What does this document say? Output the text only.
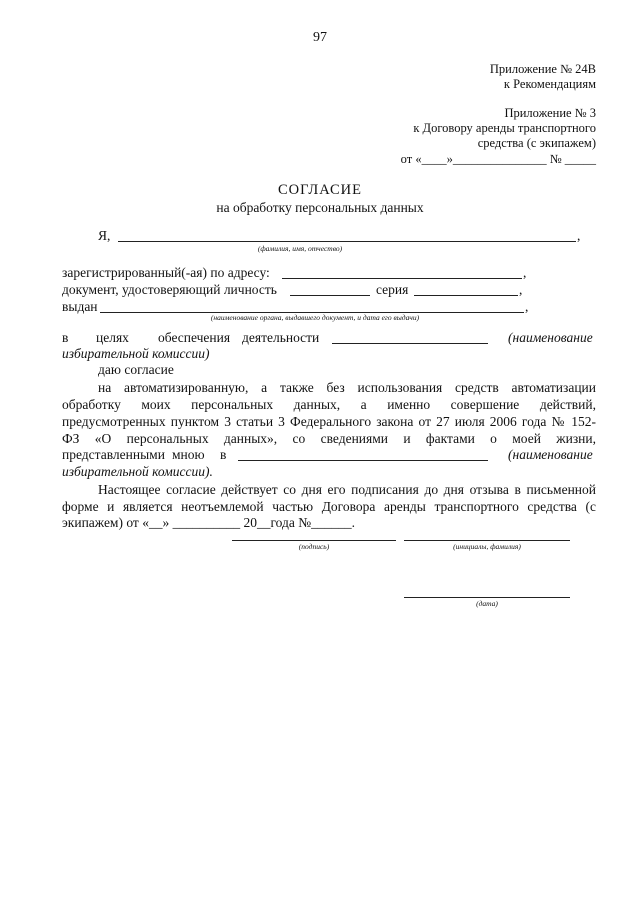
97
Приложение № 24В
к Рекомендациям
Приложение № 3
к Договору аренды транспортного
средства (с экипажем)
от «____»_______________ № _____
СОГЛАСИЕ
на обработку персональных данных
Я,	,
(фамилия, имя, отчество)
зарегистрированный(-ая) по адресу:	,
документ, удостоверяющий личность	серия	,
выдан	,
(наименование органа, выдавшего документ, и дата его выдачи)
в целях обеспечения деятельности	(наименование
избирательной комиссии)
даю согласие
на автоматизированную, а также без использования средств автоматизации
обработку моих персональных данных, а именно совершение действий,
предусмотренных пунктом 3 статьи 3 Федерального закона от 27 июля 2006 года № 152-
ФЗ «О персональных данных», со сведениями и фактами о моей жизни,
представленными мною в	(наименование
избирательной комиссии).
Настоящее согласие действует со дня его подписания до дня отзыва в письменной
форме и является неотъемлемой частью Договора аренды транспортного средства (с
экипажем) от «__» __________ 20__года №______.
(подпись)	(инициалы, фамилия)
(дата)
